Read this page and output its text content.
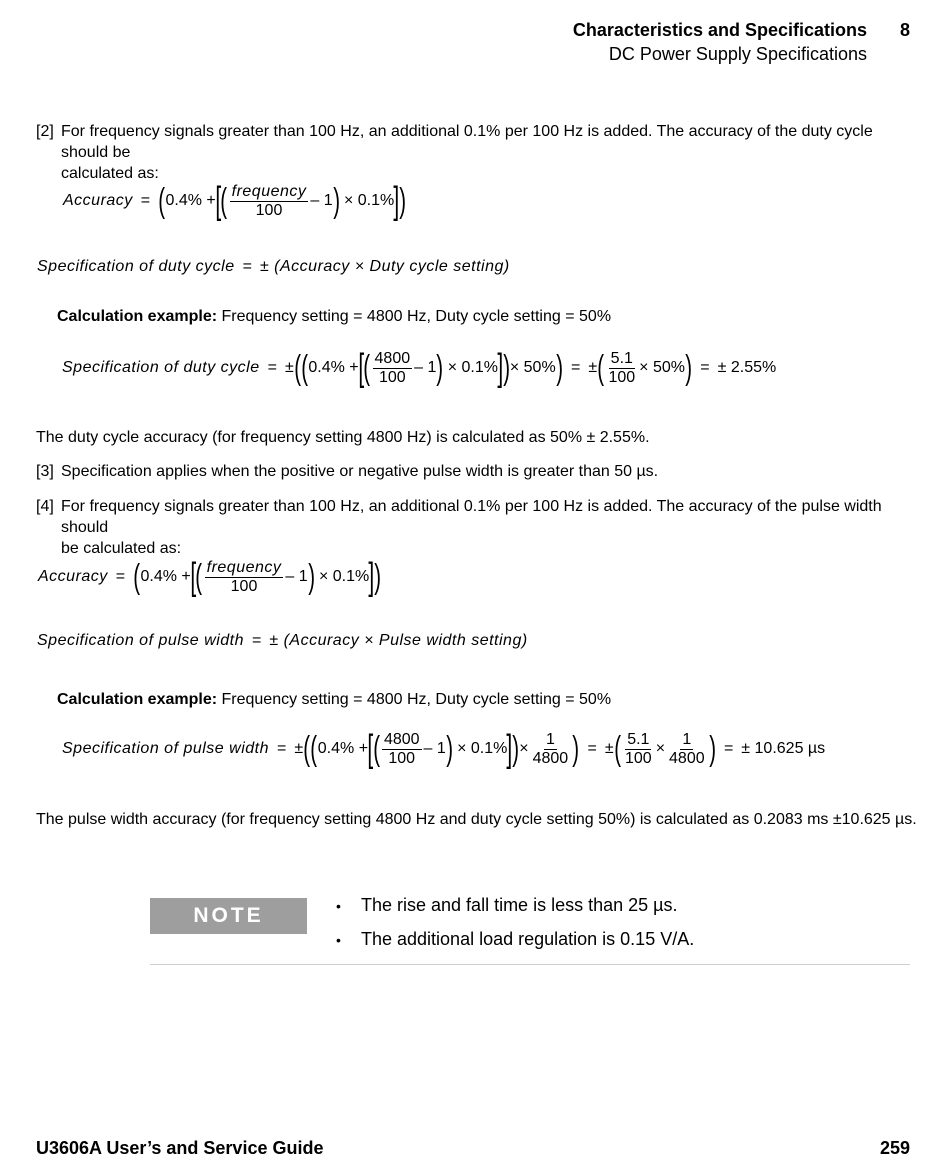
Characteristics and Specifications 8
DC Power Supply Specifications
[2] For frequency signals greater than 100 Hz, an additional 0.1% per 100 Hz is added. The accuracy of the duty cycle should be
calculated as:
Accuracy = ( 0.4% + [ ( $\frac{\text{frequency}}{100} - 1$ ) × 0.1% ] )
Specification of duty cycle = ± (Accuracy × Duty cycle setting)
Calculation example: Frequency setting = 4800 Hz, Duty cycle setting = 50%
Specification of duty cycle = ± ( ( 0.4% + [ ( $\frac{4800}{100} - 1$ ) × 0.1% ] ) × 50% ) = ± ( $\frac{5.1}{100} \times 50\%$ ) = ± 2.55%
The duty cycle accuracy (for frequency setting 4800 Hz) is calculated as 50% ± 2.55%.
[3] Specification applies when the positive or negative pulse width is greater than 50 µs.
[4] For frequency signals greater than 100 Hz, an additional 0.1% per 100 Hz is added. The accuracy of the pulse width should
be calculated as:
Accuracy = ( 0.4% + [ ( $\frac{\text{frequency}}{100} - 1$ ) × 0.1% ] )
Specification of pulse width = ± (Accuracy × Pulse width setting)
Calculation example: Frequency setting = 4800 Hz, Duty cycle setting = 50%
Specification of pulse width = ± ( ( 0.4% + [ ( $\frac{4800}{100} - 1$ ) × 0.1% ] ) × $\frac{1}{4800}$ ) = ± ( $\frac{5.1}{100} \times \frac{1}{4800}$ ) = ± 10.625 µs
The pulse width accuracy (for frequency setting 4800 Hz and duty cycle setting 50%) is calculated as 0.2083 ms ±10.625 µs.
NOTE	•	The rise and fall time is less than 25 µs.
•	The additional load regulation is 0.15 V/A.
U3606A User’s and Service Guide	259
